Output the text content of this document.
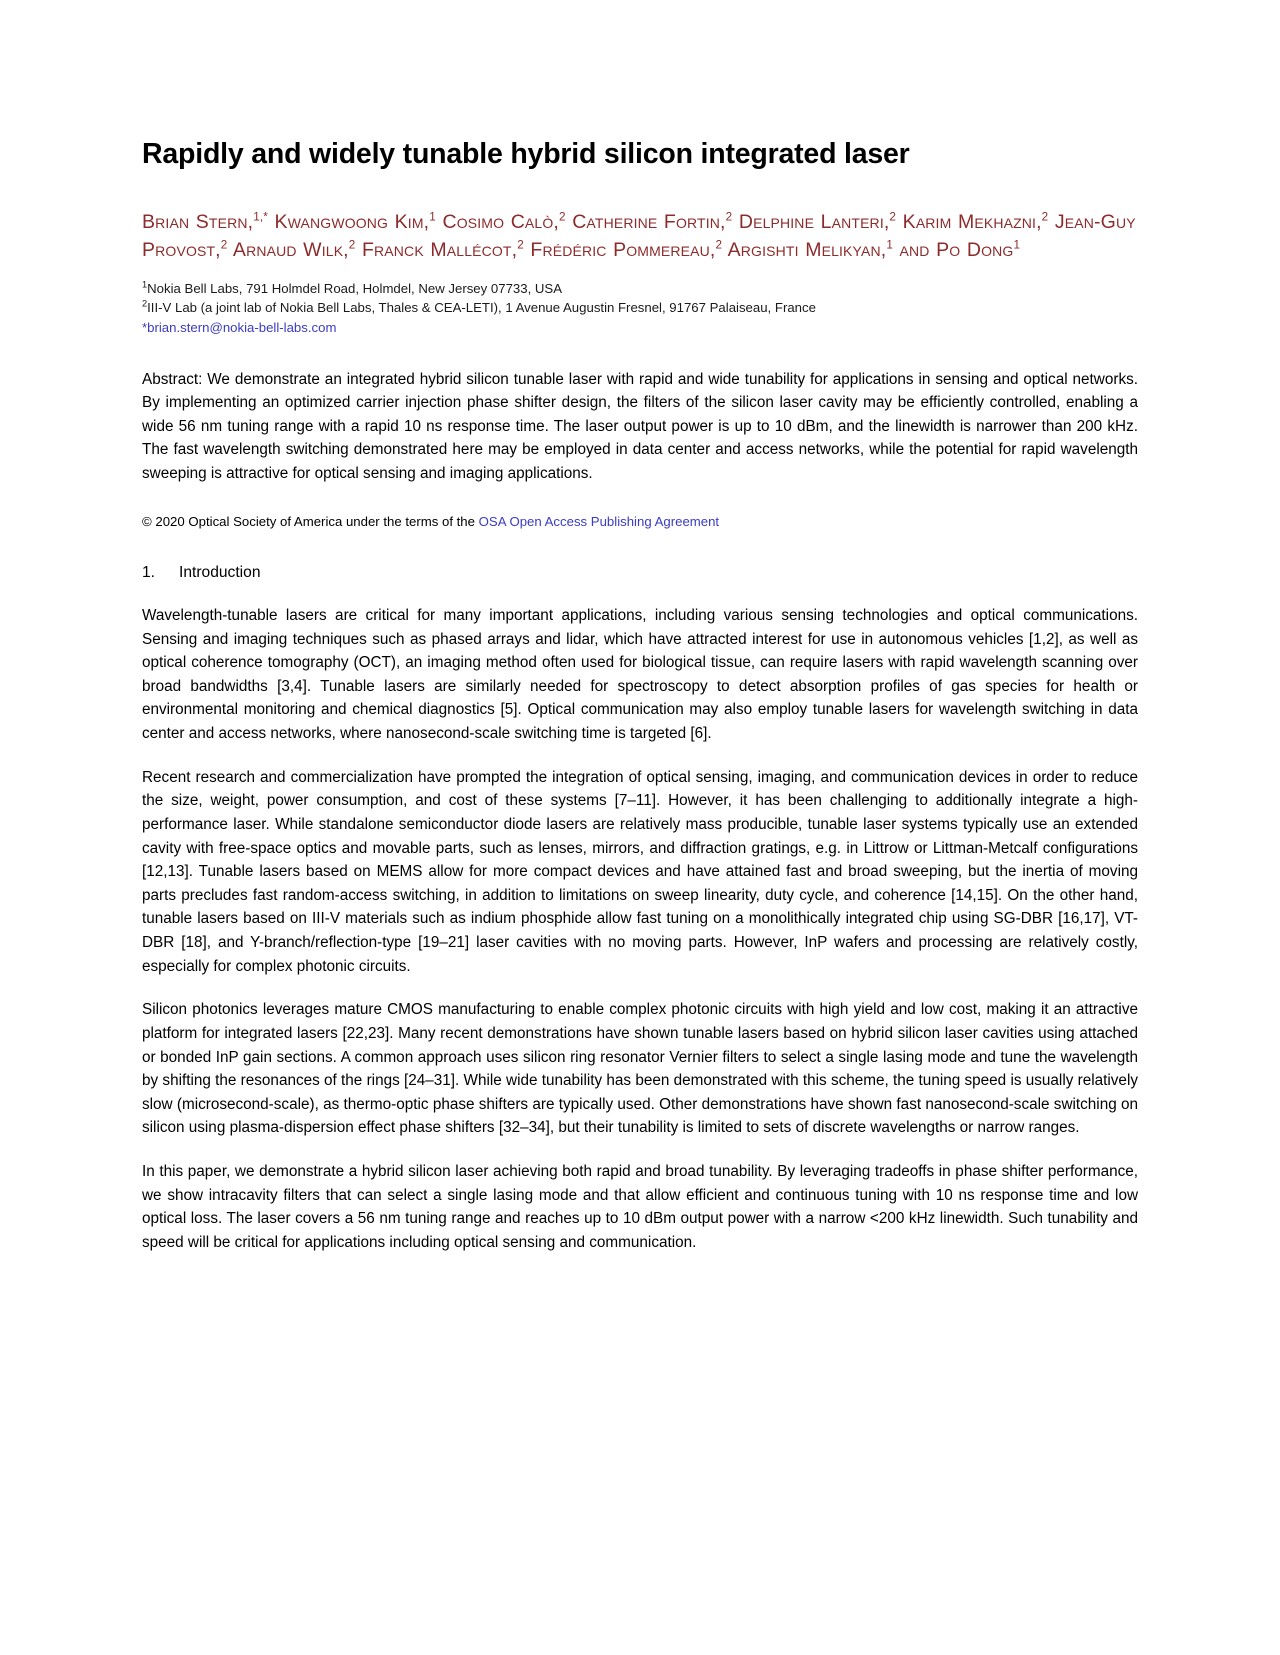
Rapidly and widely tunable hybrid silicon integrated laser
Brian Stern,$^{1,*}$ Kwangwoong Kim,$^1$ Cosimo Calò,$^2$ Catherine Fortin,$^2$ Delphine Lanteri,$^2$ Karim Mekhazni,$^2$ Jean-Guy Provost,$^2$ Arnaud Wilk,$^2$ Franck Mallécot,$^2$ Frédéric Pommereau,$^2$ Argishti Melikyan,$^1$ and Po Dong$^1$

$^1$Nokia Bell Labs, 791 Holmdel Road, Holmdel, New Jersey 07733, USA

$^2$III-V Lab (a joint lab of Nokia Bell Labs, Thales & CEA-LETI), 1 Avenue Augustin Fresnel, 91767 Palaiseau, France

*brian.stern@nokia-bell-labs.com

Abstract: We demonstrate an integrated hybrid silicon tunable laser with rapid and wide tunability for applications in sensing and optical networks. By implementing an optimized carrier injection phase shifter design, the filters of the silicon laser cavity may be efficiently controlled, enabling a wide 56 nm tuning range with a rapid 10 ns response time. The laser output power is up to 10 dBm, and the linewidth is narrower than 200 kHz. The fast wavelength switching demonstrated here may be employed in data center and access networks, while the potential for rapid wavelength sweeping is attractive for optical sensing and imaging applications.

© 2020 Optical Society of America under the terms of the OSA Open Access Publishing Agreement

1.	Introduction

Wavelength-tunable lasers are critical for many important applications, including various sensing technologies and optical communications. Sensing and imaging techniques such as phased arrays and lidar, which have attracted interest for use in autonomous vehicles [1,2], as well as optical coherence tomography (OCT), an imaging method often used for biological tissue, can require lasers with rapid wavelength scanning over broad bandwidths [3,4]. Tunable lasers are similarly needed for spectroscopy to detect absorption profiles of gas species for health or environmental monitoring and chemical diagnostics [5]. Optical communication may also employ tunable lasers for wavelength switching in data center and access networks, where nanosecond-scale switching time is targeted [6].

Recent research and commercialization have prompted the integration of optical sensing, imaging, and communication devices in order to reduce the size, weight, power consumption, and cost of these systems [7–11]. However, it has been challenging to additionally integrate a high-performance laser. While standalone semiconductor diode lasers are relatively mass producible, tunable laser systems typically use an extended cavity with free-space optics and movable parts, such as lenses, mirrors, and diffraction gratings, e.g. in Littrow or Littman-Metcalf configurations [12,13]. Tunable lasers based on MEMS allow for more compact devices and have attained fast and broad sweeping, but the inertia of moving parts precludes fast random-access switching, in addition to limitations on sweep linearity, duty cycle, and coherence [14,15]. On the other hand, tunable lasers based on III-V materials such as indium phosphide allow fast tuning on a monolithically integrated chip using SG-DBR [16,17], VT-DBR [18], and Y-branch/reflection-type [19–21] laser cavities with no moving parts. However, InP wafers and processing are relatively costly, especially for complex photonic circuits.

Silicon photonics leverages mature CMOS manufacturing to enable complex photonic circuits with high yield and low cost, making it an attractive platform for integrated lasers [22,23]. Many recent demonstrations have shown tunable lasers based on hybrid silicon laser cavities using attached or bonded InP gain sections. A common approach uses silicon ring resonator Vernier filters to select a single lasing mode and tune the wavelength by shifting the resonances of the rings [24–31]. While wide tunability has been demonstrated with this scheme, the tuning speed is usually relatively slow (microsecond-scale), as thermo-optic phase shifters are typically used. Other demonstrations have shown fast nanosecond-scale switching on silicon using plasma-dispersion effect phase shifters [32–34], but their tunability is limited to sets of discrete wavelengths or narrow ranges.

In this paper, we demonstrate a hybrid silicon laser achieving both rapid and broad tunability. By leveraging tradeoffs in phase shifter performance, we show intracavity filters that can select a single lasing mode and that allow efficient and continuous tuning with 10 ns response time and low optical loss. The laser covers a 56 nm tuning range and reaches up to 10 dBm output power with a narrow <200 kHz linewidth. Such tunability and speed will be critical for applications including optical sensing and communication.
